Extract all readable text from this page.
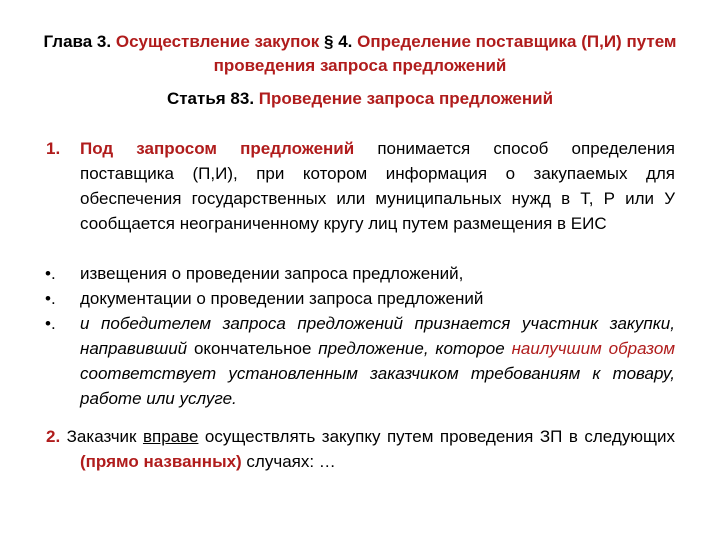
Глава 3. Осуществление закупок § 4. Определение поставщика (П,И) путем проведения запроса предложений
Статья 83. Проведение запроса предложений
1. Под запросом предложений понимается способ определения поставщика (П,И), при котором информация о закупаемых для обеспечения государственных или муниципальных нужд в Т, Р или У сообщается неограниченному кругу лиц путем размещения в ЕИС
•. извещения о проведении запроса предложений,
•. документации о проведении запроса предложений
•. и победителем запроса предложений признается участник закупки, направивший окончательное предложение, которое наилучшим образом соответствует установленным заказчиком требованиям к товару, работе или услуге.
2. Заказчик вправе осуществлять закупку путем проведения ЗП в следующих (прямо названных) случаях: …
